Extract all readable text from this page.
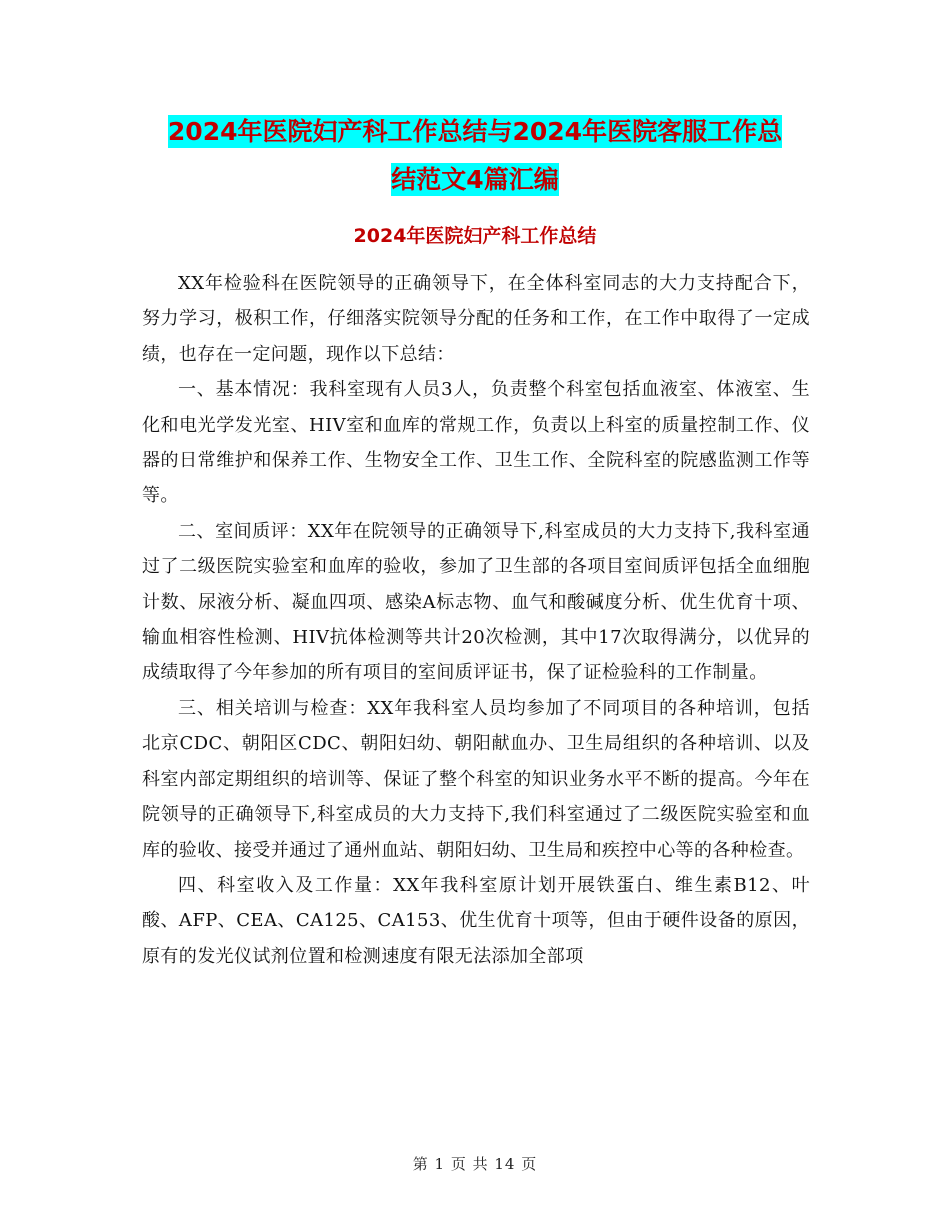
2024年医院妇产科工作总结与2024年医院客服工作总
结范文4篇汇编
2024年医院妇产科工作总结

XX年检验科在医院领导的正确领导下，在全体科室同志的大力支持配合下，努力学习，极积工作，仔细落实院领导分配的任务和工作，在工作中取得了一定成绩，也存在一定问题，现作以下总结：

一、基本情况：我科室现有人员3人，负责整个科室包括血液室、体液室、生化和电光学发光室、HIV室和血库的常规工作，负责以上科室的质量控制工作、仪器的日常维护和保养工作、生物安全工作、卫生工作、全院科室的院感监测工作等等。

二、室间质评：XX年在院领导的正确领导下,科室成员的大力支持下,我科室通过了二级医院实验室和血库的验收，参加了卫生部的各项目室间质评包括全血细胞计数、尿液分析、凝血四项、感染A标志物、血气和酸碱度分析、优生优育十项、输血相容性检测、HIV抗体检测等共计20次检测，其中17次取得满分，以优异的成绩取得了今年参加的所有项目的室间质评证书，保了证检验科的工作制量。

三、相关培训与检查：XX年我科室人员均参加了不同项目的各种培训，包括北京CDC、朝阳区CDC、朝阳妇幼、朝阳献血办、卫生局组织的各种培训、以及科室内部定期组织的培训等、保证了整个科室的知识业务水平不断的提高。今年在院领导的正确领导下,科室成员的大力支持下,我们科室通过了二级医院实验室和血库的验收、接受并通过了通州血站、朝阳妇幼、卫生局和疾控中心等的各种检查。

四、科室收入及工作量：XX年我科室原计划开展铁蛋白、维生素B12、叶酸、AFP、CEA、CA125、CA153、优生优育十项等，但由于硬件设备的原因，原有的发光仪试剂位置和检测速度有限无法添加全部项

第 1 页 共 14 页
